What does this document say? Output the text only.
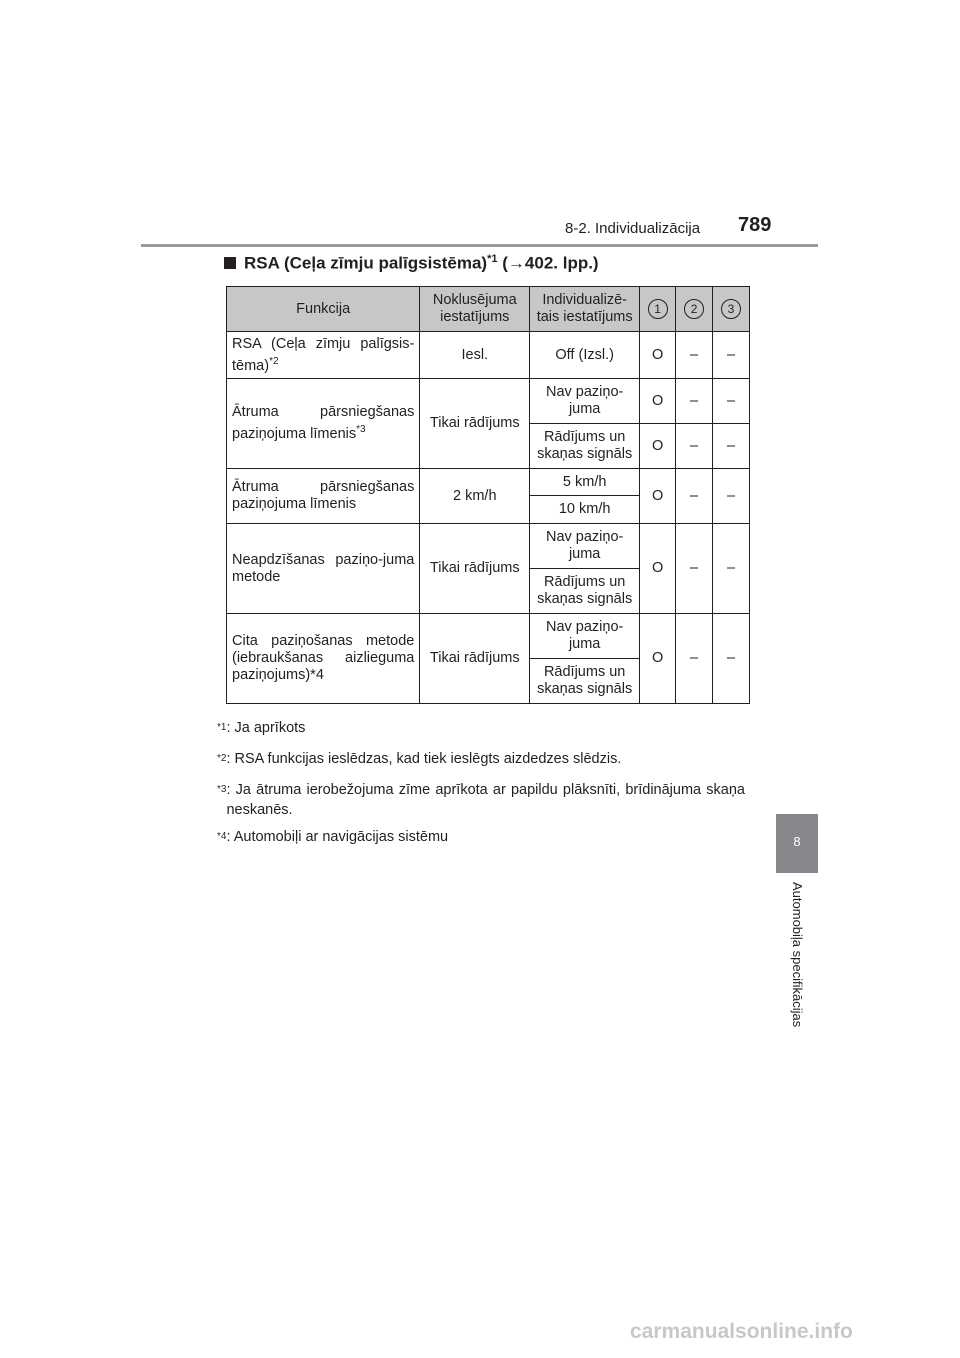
8-2. Individualizācija 789
8
Automobiļa specifikācijas
RSA (Ceļa zīmju palīgsistēma)$^{*1}$ (→402. lpp.)
Funkcija	Noklusējuma iestatījums	Individualizē-tais iestatījums	1	2	3
RSA (Ceļa zīmju palīgsis-tēma)$^{*2}$	Iesl.	Off (Izsl.)	O	–	–
Ātruma pārsniegšanas paziņojuma līmenis$^{*3}$	Tikai rādījums	Nav paziņo-juma	O	–	–
		Rādījums un skaņas signāls	O	–	–
Ātruma pārsniegšanas paziņojuma līmenis	2 km/h	5 km/h	O	–	–
		10 km/h			
Neapdzīšanas paziņo-juma metode	Tikai rādījums	Nav paziņo-juma	O	–	–
		Rādījums un skaņas signāls			
Cita paziņošanas metode (iebraukšanas aizlieguma paziņojums)*4	Tikai rādījums	Nav paziņo-juma	O	–	–
		Rādījums un skaņas signāls			
$^{*1}$ : Ja aprīkots
$^{*2}$ : RSA funkcijas ieslēdzas, kad tiek ieslēgts aizdedzes slēdzis.
$^{*3}$ : Ja ātruma ierobežojuma zīme aprīkota ar papildu plāksnīti, brīdinājuma skaņa neskanēs.
$^{*4}$ : Automobiļi ar navigācijas sistēmu
carmanualsonline.info
